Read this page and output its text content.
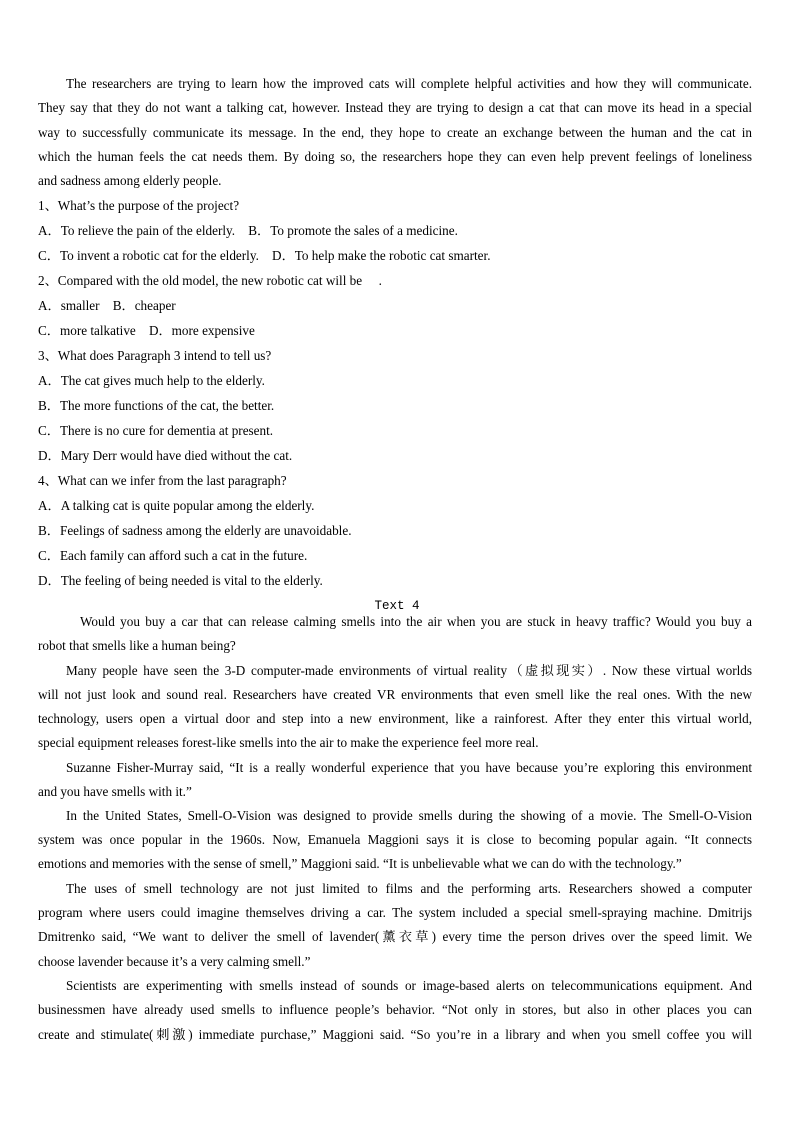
The researchers are trying to learn how the improved cats will complete helpful activities and how they will communicate.
They say that they do not want a talking cat, however. Instead they are trying to design a cat that can move its head in a special
way to successfully communicate its message. In the end, they hope to create an exchange between the human and the cat in
which the human feels the cat needs them. By doing so, the researchers hope they can even help prevent feelings of loneliness
and sadness among elderly people.
1、What’s the purpose of the project?
A．To relieve the pain of the elderly.    B．To promote the sales of a medicine.
C．To invent a robotic cat for the elderly.    D．To help make the robotic cat smarter.
2、Compared with the old model, the new robotic cat will be     .
A．smaller    B．cheaper
C．more talkative    D．more expensive
3、What does Paragraph 3 intend to tell us?
A．The cat gives much help to the elderly.
B．The more functions of the cat, the better.
C．There is no cure for dementia at present.
D．Mary Derr would have died without the cat.
4、What can we infer from the last paragraph?
A．A talking cat is quite popular among the elderly.
B．Feelings of sadness among the elderly are unavoidable.
C．Each family can afford such a cat in the future.
D．The feeling of being needed is vital to the elderly.
Text 4
Would you buy a car that can release calming smells into the air when you are stuck in heavy traffic? Would you buy a
robot that smells like a human being?
Many people have seen the 3-D computer-made environments of virtual reality（虚拟现实）. Now these virtual worlds
will not just look and sound real. Researchers have created VR environments that even smell like the real ones. With the new
technology, users open a virtual door and step into a new environment, like a rainforest. After they enter this virtual world,
special equipment releases forest-like smells into the air to make the experience feel more real.
Suzanne Fisher-Murray said, “It is a really wonderful experience that you have because you’re exploring this environment
and you have smells with it.”
In the United States, Smell-O-Vision was designed to provide smells during the showing of a movie. The Smell-O-Vision
system was once popular in the 1960s. Now, Emanuela Maggioni says it is close to becoming popular again. “It connects
emotions and memories with the sense of smell,” Maggioni said. “It is unbelievable what we can do with the technology.”
The uses of smell technology are not just limited to films and the performing arts. Researchers showed a computer
program where users could imagine themselves driving a car. The system included a special smell-spraying machine. Dmitrijs
Dmitrenko said, “We want to deliver the smell of lavender(薰衣草) every time the person drives over the speed limit. We
choose lavender because it’s a very calming smell.”
Scientists are experimenting with smells instead of sounds or image-based alerts on telecommunications equipment. And
businessmen have already used smells to influence people’s behavior. “Not only in stores, but also in other places you can
create and stimulate(刺激) immediate purchase,” Maggioni said. “So you’re in a library and when you smell coffee you will
